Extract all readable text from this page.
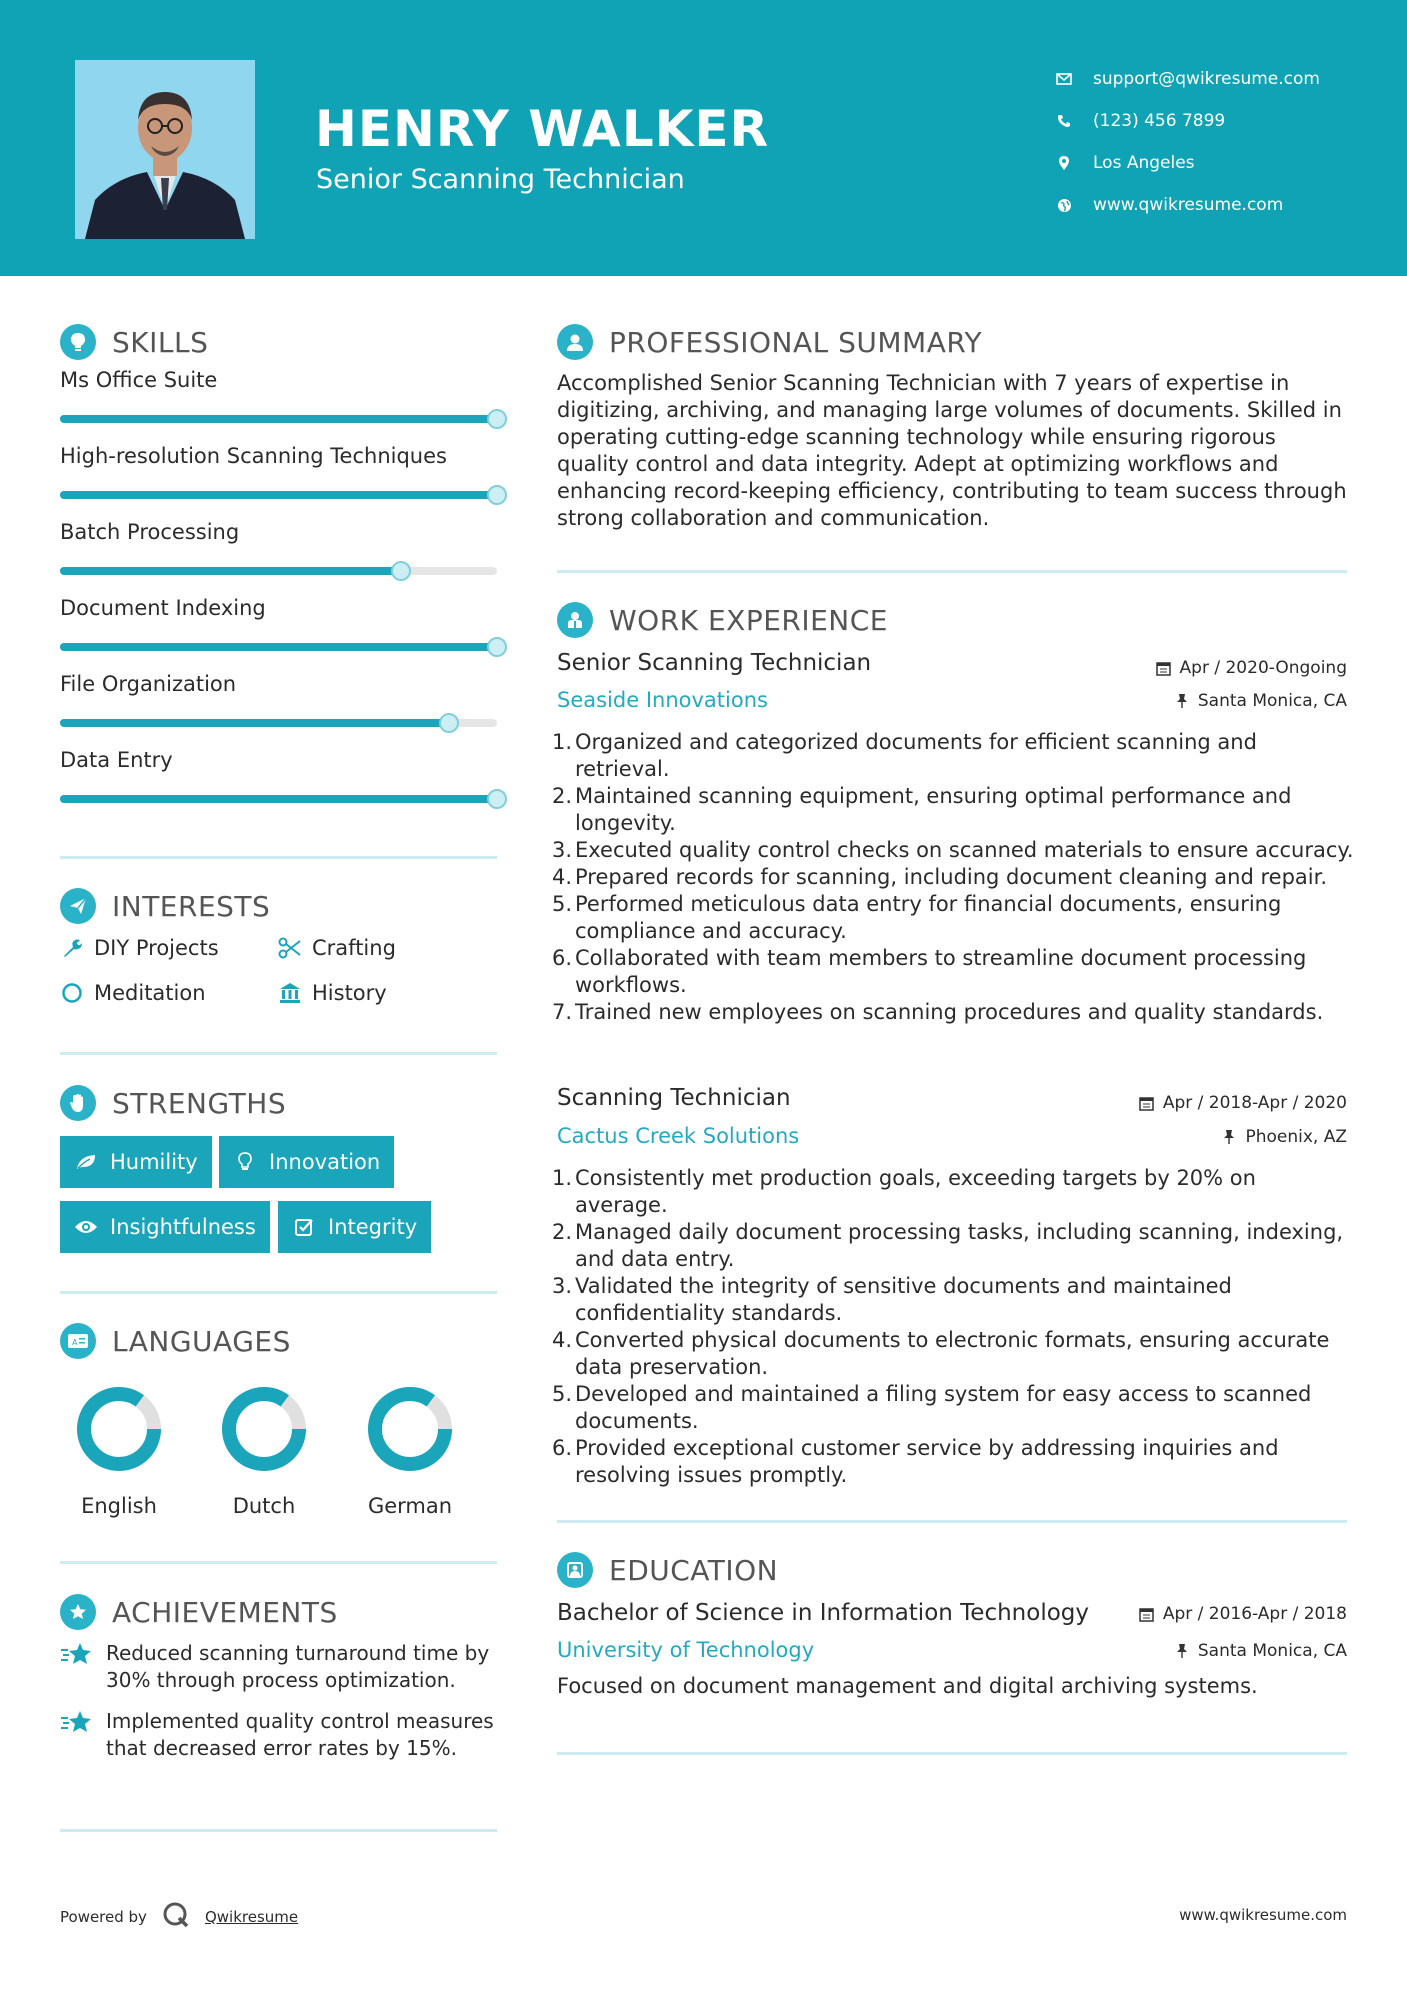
HENRY WALKER
Senior Scanning Technician
support@qwikresume.com
(123) 456 7899
Los Angeles
www.qwikresume.com
SKILLS
Ms Office Suite
High-resolution Scanning Techniques
Batch Processing
Document Indexing
File Organization
Data Entry
INTERESTS
DIY Projects	Crafting
Meditation	History
STRENGTHS
Humility	Innovation
Insightfulness	Integrity
A LANGUAGES
English	Dutch	German
ACHIEVEMENTS
Reduced scanning turnaround time by 30% through process optimization.
Implemented quality control measures that decreased error rates by 15%.
PROFESSIONAL SUMMARY
Accomplished Senior Scanning Technician with 7 years of expertise in digitizing, archiving, and managing large volumes of documents. Skilled in operating cutting-edge scanning technology while ensuring rigorous quality control and data integrity. Adept at optimizing workflows and enhancing record-keeping efficiency, contributing to team success through strong collaboration and communication.
WORK EXPERIENCE
Senior Scanning Technician	Apr / 2020-Ongoing
Seaside Innovations	Santa Monica, CA
1. Organized and categorized documents for efficient scanning and retrieval.
2. Maintained scanning equipment, ensuring optimal performance and longevity.
3. Executed quality control checks on scanned materials to ensure accuracy.
4. Prepared records for scanning, including document cleaning and repair.
5. Performed meticulous data entry for financial documents, ensuring compliance and accuracy.
6. Collaborated with team members to streamline document processing workflows.
7. Trained new employees on scanning procedures and quality standards.
Scanning Technician	Apr / 2018-Apr / 2020
Cactus Creek Solutions	Phoenix, AZ
1. Consistently met production goals, exceeding targets by 20% on average.
2. Managed daily document processing tasks, including scanning, indexing, and data entry.
3. Validated the integrity of sensitive documents and maintained confidentiality standards.
4. Converted physical documents to electronic formats, ensuring accurate data preservation.
5. Developed and maintained a filing system for easy access to scanned documents.
6. Provided exceptional customer service by addressing inquiries and resolving issues promptly.
EDUCATION
Bachelor of Science in Information Technology	Apr / 2016-Apr / 2018
University of Technology	Santa Monica, CA
Focused on document management and digital archiving systems.
Powered by	Qwikresume	www.qwikresume.com
